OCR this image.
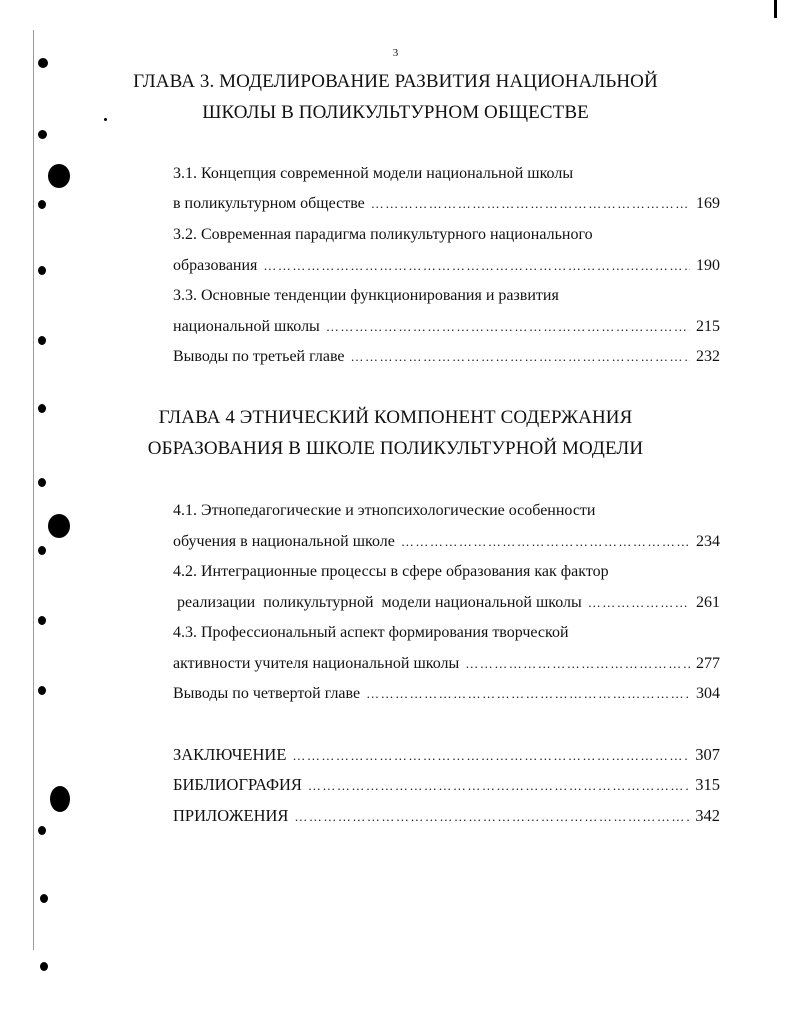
3
ГЛАВА 3. МОДЕЛИРОВАНИЕ РАЗВИТИЯ НАЦИОНАЛЬНОЙ
ШКОЛЫ В ПОЛИКУЛЬТУРНОМ ОБЩЕСТВЕ
3.1. Концепция современной модели национальной школы
в поликультурном обществе …………………………………………………………………………………………………………	169
3.2. Современная парадигма поликультурного национального
образования …………………………………………………………………………………………………………	190
3.3. Основные тенденции функционирования и развития
национальной школы …………………………………………………………………………………………………………	215
Выводы по третьей главе …………………………………………………………………………………………………………	232
ГЛАВА 4 ЭТНИЧЕСКИЙ КОМПОНЕНТ СОДЕРЖАНИЯ
ОБРАЗОВАНИЯ В ШКОЛЕ ПОЛИКУЛЬТУРНОЙ МОДЕЛИ
4.1. Этнопедагогические и этнопсихологические особенности
обучения в национальной школе …………………………………………………………………………………………………………	234
4.2. Интеграционные процессы в сфере образования как фактор
реализации  поликультурной  модели национальной школы …………………………………………………………………………………………………………	261
4.3. Профессиональный аспект формирования творческой
активности учителя национальной школы …………………………………………………………………………………………………………	277
Выводы по четвертой главе …………………………………………………………………………………………………………	304
ЗАКЛЮЧЕНИЕ …………………………………………………………………………………………………………	307
БИБЛИОГРАФИЯ …………………………………………………………………………………………………………	315
ПРИЛОЖЕНИЯ …………………………………………………………………………………………………………	342
